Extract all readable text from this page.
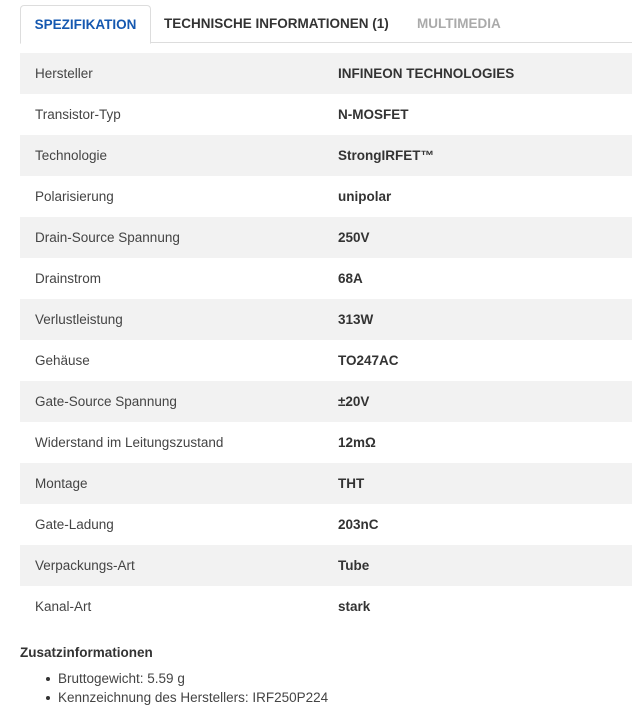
SPEZIFIKATION	TECHNISCHE INFORMATIONEN (1) MULTIMEDIA
Hersteller	INFINEON TECHNOLOGIES
Transistor-Typ	N-MOSFET
Technologie	StrongIRFET™
Polarisierung	unipolar
Drain-Source Spannung	250V
Drainstrom	68A
Verlustleistung	313W
Gehäuse	TO247AC
Gate-Source Spannung	±20V
Widerstand im Leitungszustand	12mΩ
Montage	THT
Gate-Ladung	203nC
Verpackungs-Art	Tube
Kanal-Art	stark
Zusatzinformationen
Bruttogewicht: 5.59 g
Kennzeichnung des Herstellers: IRF250P224
